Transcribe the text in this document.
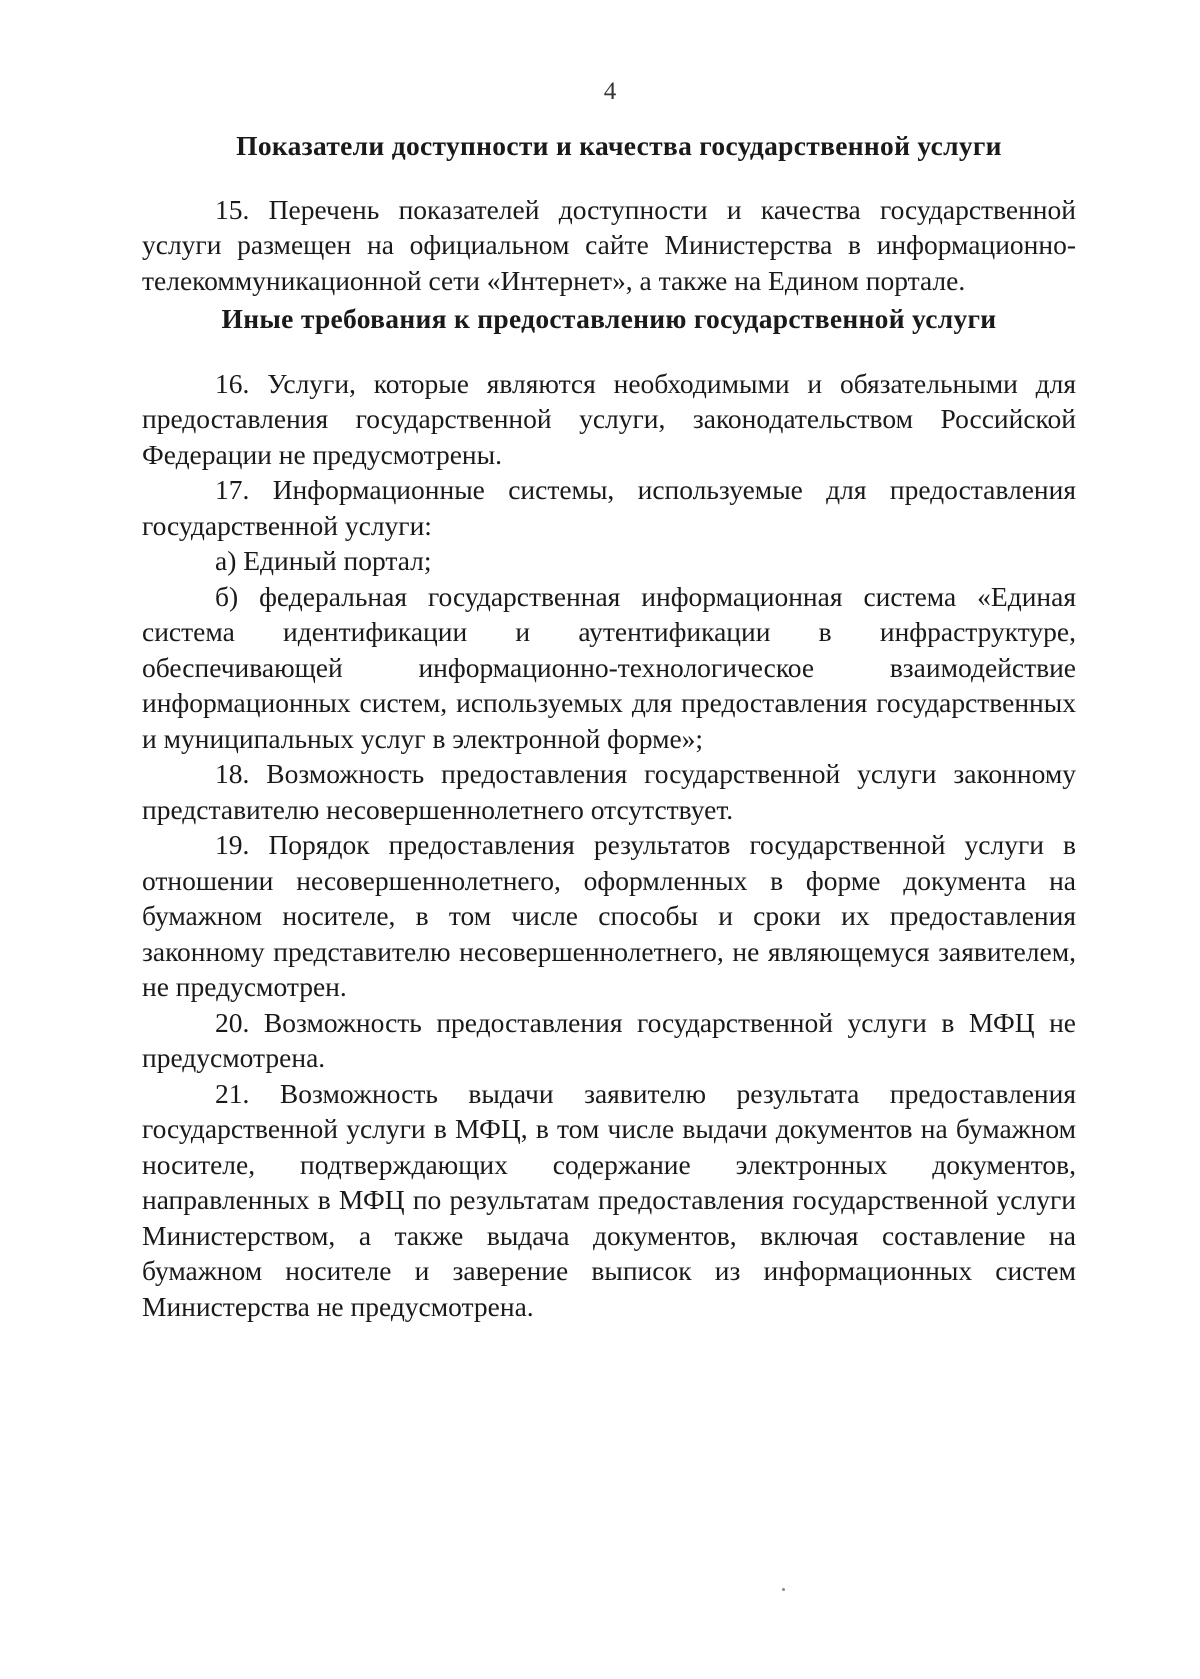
4

Показатели доступности и качества государственной услуги

15. Перечень показателей доступности и качества государственной услуги размещен на официальном сайте Министерства в информационно-телекоммуникационной сети «Интернет», а также на Едином портале.

Иные требования к предоставлению государственной услуги

16. Услуги, которые являются необходимыми и обязательными для предоставления государственной услуги, законодательством Российской Федерации не предусмотрены.

17. Информационные системы, используемые для предоставления государственной услуги:

а) Единый портал;

б) федеральная государственная информационная система «Единая система идентификации и аутентификации в инфраструктуре, обеспечивающей информационно-технологическое взаимодействие информационных систем, используемых для предоставления государственных и муниципальных услуг в электронной форме»;

18. Возможность предоставления государственной услуги законному представителю несовершеннолетнего отсутствует.

19. Порядок предоставления результатов государственной услуги в отношении несовершеннолетнего, оформленных в форме документа на бумажном носителе, в том числе способы и сроки их предоставления законному представителю несовершеннолетнего, не являющемуся заявителем, не предусмотрен.

20. Возможность предоставления государственной услуги в МФЦ не предусмотрена.

21. Возможность выдачи заявителю результата предоставления государственной услуги в МФЦ, в том числе выдачи документов на бумажном носителе, подтверждающих содержание электронных документов, направленных в МФЦ по результатам предоставления государственной услуги Министерством, а также выдача документов, включая составление на бумажном носителе и заверение выписок из информационных систем Министерства не предусмотрена.
